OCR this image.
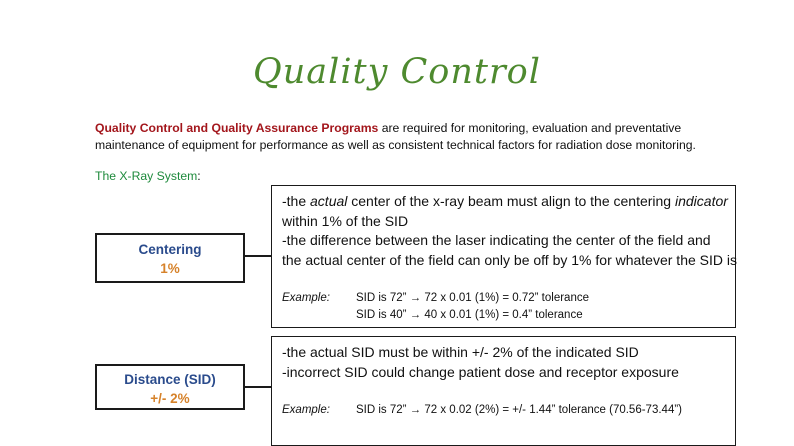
Quality Control
Quality Control and Quality Assurance Programs are required for monitoring, evaluation and preventative
maintenance of equipment for performance as well as consistent technical factors for radiation dose monitoring.
The X-Ray System:
Centering
1%
-the actual center of the x-ray beam must align to the centering indicator
within 1% of the SID
-the difference between the laser indicating the center of the field and
the actual center of the field can only be off by 1% for whatever the SID is
Example: SID is 72” → 72 x 0.01 (1%) = 0.72” tolerance
SID is 40” → 40 x 0.01 (1%) = 0.4” tolerance
Distance (SID)
+/- 2%
-the actual SID must be within +/- 2% of the indicated SID
-incorrect SID could change patient dose and receptor exposure
Example: SID is 72” → 72 x 0.02 (2%) = +/- 1.44” tolerance (70.56-73.44”)
